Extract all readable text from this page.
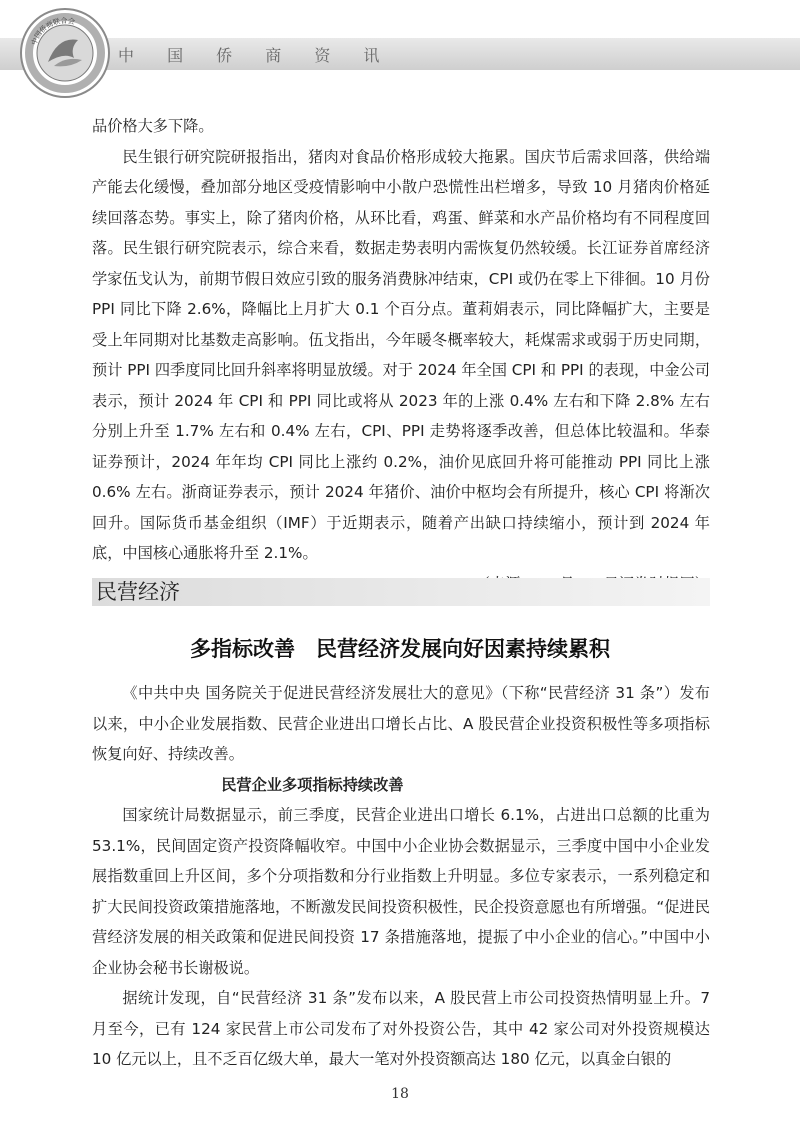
中 国 侨 商 资 讯
中国侨商联合会

品价格大多下降。

民生银行研究院研报指出，猪肉对食品价格形成较大拖累。国庆节后需求回落，供给端产能去化缓慢，叠加部分地区受疫情影响中小散户恐慌性出栏增多，导致 10 月猪肉价格延续回落态势。事实上，除了猪肉价格，从环比看，鸡蛋、鲜菜和水产品价格均有不同程度回落。民生银行研究院表示，综合来看，数据走势表明内需恢复仍然较缓。长江证券首席经济学家伍戈认为，前期节假日效应引致的服务消费脉冲结束，CPI 或仍在零上下徘徊。10 月份 PPI 同比下降 2.6%，降幅比上月扩大 0.1 个百分点。董莉娟表示，同比降幅扩大，主要是受上年同期对比基数走高影响。伍戈指出，今年暖冬概率较大，耗煤需求或弱于历史同期，预计 PPI 四季度同比回升斜率将明显放缓。对于 2024 年全国 CPI 和 PPI 的表现，中金公司表示，预计 2024 年 CPI 和 PPI 同比或将从 2023 年的上涨 0.4% 左右和下降 2.8% 左右分别上升至 1.7% 左右和 0.4% 左右，CPI、PPI 走势将逐季改善，但总体比较温和。华泰证券预计，2024 年年均 CPI 同比上涨约 0.2%，油价见底回升将可能推动 PPI 同比上涨 0.6% 左右。浙商证券表示，预计 2024 年猪价、油价中枢均会有所提升，核心 CPI 将渐次回升。国际货币基金组织（IMF）于近期表示，随着产出缺口持续缩小，预计到 2024 年底，中国核心通胀将升至 2.1%。

民营经济
多指标改善　民营经济发展向好因素持续累积

《中共中央 国务院关于促进民营经济发展壮大的意见》（下称“民营经济 31 条”）发布以来，中小企业发展指数、民营企业进出口增长占比、A 股民营企业投资积极性等多项指标恢复向好、持续改善。

民营企业多项指标持续改善

国家统计局数据显示，前三季度，民营企业进出口增长 6.1%，占进出口总额的比重为 53.1%，民间固定资产投资降幅收窄。中国中小企业协会数据显示，三季度中国中小企业发展指数重回上升区间，多个分项指数和分行业指数上升明显。多位专家表示，一系列稳定和扩大民间投资政策措施落地，不断激发民间投资积极性，民企投资意愿也有所增强。“促进民营经济发展的相关政策和促进民间投资 17 条措施落地，提振了中小企业的信心。”中国中小企业协会秘书长谢极说。

据统计发现，自“民营经济 31 条”发布以来，A 股民营上市公司投资热情明显上升。7 月至今，已有 124 家民营上市公司发布了对外投资公告，其中 42 家公司对外投资规模达 10 亿元以上，且不乏百亿级大单，最大一笔对外投资额高达 180 亿元，以真金白银的

18
